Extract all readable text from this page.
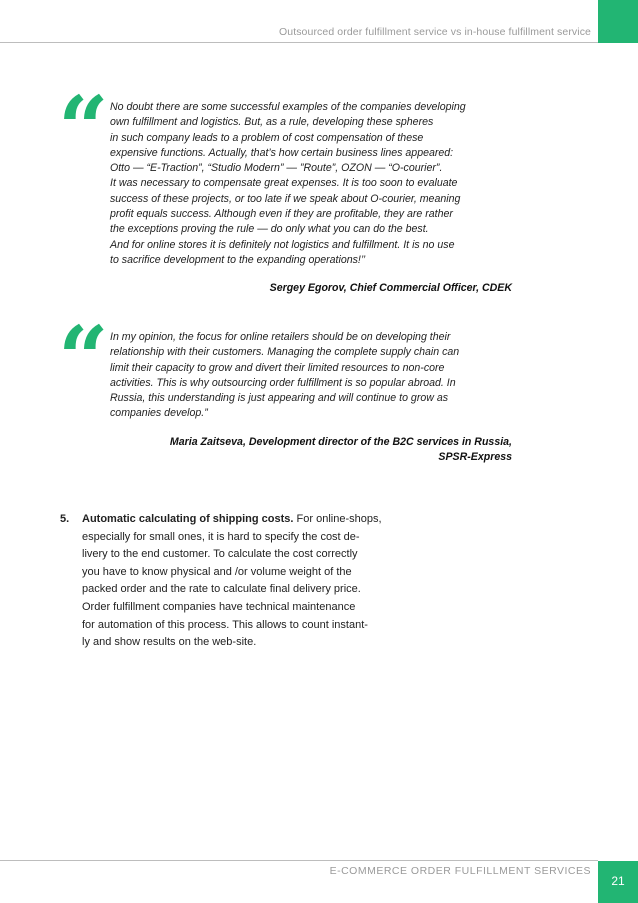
Outsourced order fulfillment service vs in-house fulfillment service
“ No doubt there are some successful examples of the companies developing
own fulfillment and logistics. But, as a rule, developing these spheres
in such company leads to a problem of cost compensation of these
expensive functions. Actually, that’s how certain business lines appeared:
Otto — “E-Traction”, “Studio Modern” — ”Route”, OZON — “O-courier”.
It was necessary to compensate great expenses. It is too soon to evaluate
success of these projects, or too late if we speak about O-courier, meaning
profit equals success. Although even if they are profitable, they are rather
the exceptions proving the rule — do only what you can do the best.
And for online stores it is definitely not logistics and fulfillment. It is no use
to sacrifice development to the expanding operations!’’
Sergey Egorov, Chief Commercial Officer, CDEK
“ In my opinion, the focus for online retailers should be on developing their
relationship with their customers. Managing the complete supply chain can
limit their capacity to grow and divert their limited resources to non-core
activities. This is why outsourcing order fulfillment is so popular abroad. In
Russia, this understanding is just appearing and will continue to grow as
companies develop.”
Maria Zaitseva, Development director of the B2C services in Russia,
SPSR-Express
5. Automatic calculating of shipping costs. For online-shops,
especially for small ones, it is hard to specify the cost de-
livery to the end customer. To calculate the cost correctly
you have to know physical and /or volume weight of the
packed order and the rate to calculate final delivery price.
Order fulfillment companies have technical maintenance
for automation of this process. This allows to count instant-
ly and show results on the web-site.
E-COMMERCE ORDER FULFILLMENT SERVICES
21
